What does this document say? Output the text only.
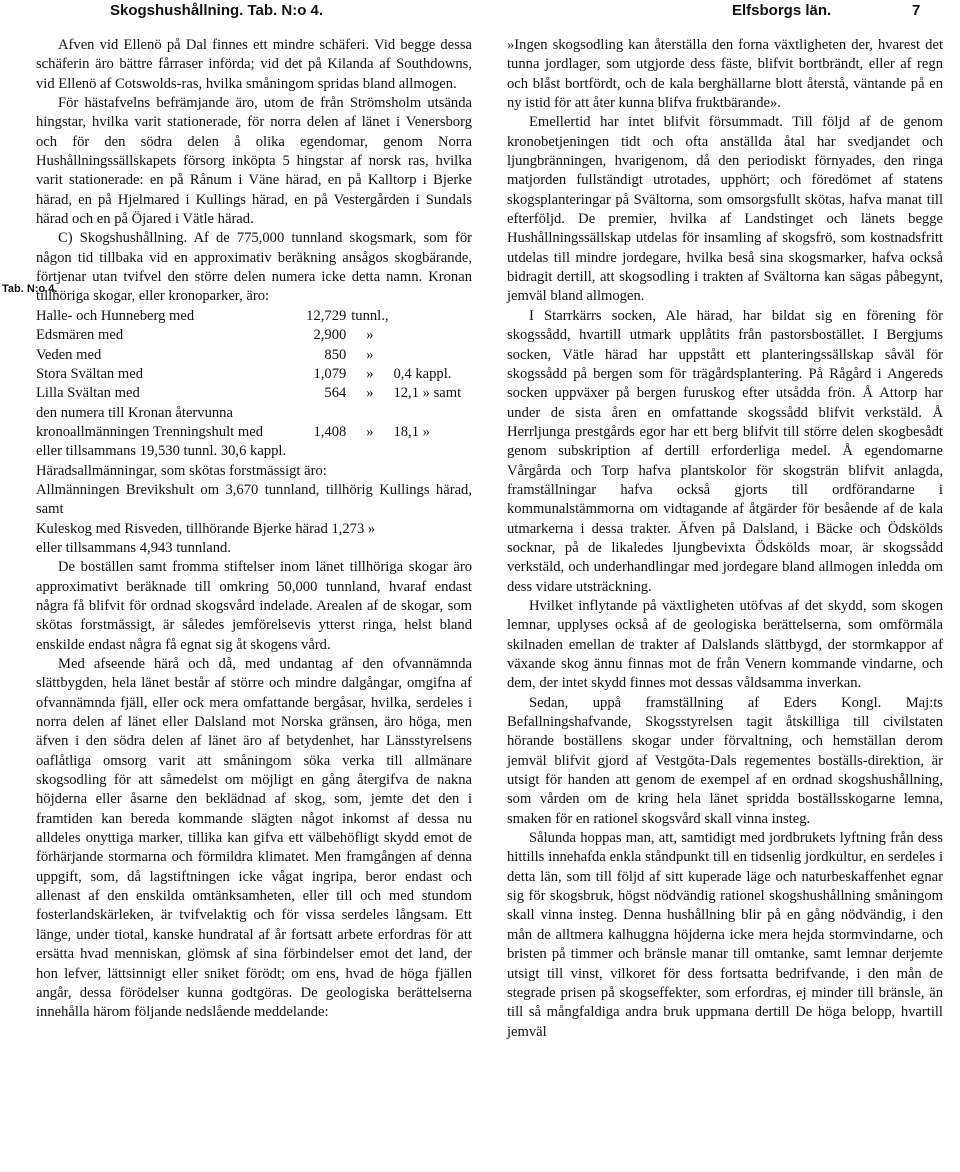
Skogshushållning. Tab. N:o 4.	Elfsborgs län.	7
Tab. N:o 4.

Afven vid Ellenö på Dal finnes ett mindre schäferi. Vid begge dessa schäferin äro bättre fårraser införda; vid det på Kilanda af Southdowns, vid Ellenö af Cotswolds-ras, hvilka småningom spridas bland allmogen.

För hästafvelns befrämjande äro, utom de från Strömsholm utsända hingstar, hvilka varit stationerade, för norra delen af länet i Venersborg och för den södra delen å olika egendomar, genom Norra Hushållningssällskapets försorg inköpta 5 hingstar af norsk ras, hvilka varit stationerade: en på Rånum i Väne härad, en på Kalltorp i Bjerke härad, en på Hjelmared i Kullings härad, en på Vestergården i Sundals härad och en på Öjared i Vätle härad.

C) Skogshushållning. Af de 775,000 tunnland skogsmark, som för någon tid tillbaka vid en approximativ beräkning ansågos skogbärande, förtjenar utan tvifvel den större delen numera icke detta namn. Kronan tillhöriga skogar, eller kronoparker, äro:

Halle- och Hunneberg med	12,729 tunnl.,
Edsmären med	2,900	»
Veden med	850	»
Stora Svältan med	1,079	»	0,4 kappl.
Lilla Svältan med	564	»	12,1 » samt
den numera till Kronan återvunna kronoallmänningen Trenningshult med	1,408	»	18,1 »

eller tillsammans 19,530 tunnl. 30,6 kappl.

Häradsallmänningar, som skötas forstmässigt äro:

Allmänningen Brevikshult om 3,670 tunnland, tillhörig Kullings härad, samt

Kuleskog med Risveden, tillhörande Bjerke härad 1,273 »

eller tillsammans 4,943 tunnland.

De boställen samt fromma stiftelser inom länet tillhöriga skogar äro approximativt beräknade till omkring 50,000 tunnland, hvaraf endast några få blifvit för ordnad skogsvård indelade. Arealen af de skogar, som skötas forstmässigt, är således jemförelsevis ytterst ringa, helst bland enskilde endast några få egnat sig åt skogens vård.

Med afseende härå och då, med undantag af den ofvannämnda slättbygden, hela länet består af större och mindre dalgångar, omgifna af ofvannämnda fjäll, eller ock mera omfattande bergåsar, hvilka, serdeles i norra delen af länet eller Dalsland mot Norska gränsen, äro höga, men äfven i den södra delen af länet äro af betydenhet, har Länsstyrelsens oaflåtliga omsorg varit att småningom söka verka till allmänare skogsodling för att såmedelst om möjligt en gång återgifva de nakna höjderna eller åsarne den beklädnad af skog, som, jemte det den i framtiden kan bereda kommande slägten något inkomst af dessa nu alldeles onyttiga marker, tillika kan gifva ett välbehöfligt skydd emot de förhärjande stormarna och förmildra klimatet. Men framgången af denna uppgift, som, då lagstiftningen icke vågat ingripa, beror endast och allenast af den enskilda omtänksamheten, eller till och med stundom fosterlandskärleken, är tvifvelaktig och för vissa serdeles långsam. Ett länge, under tiotal, kanske hundratal af år fortsatt arbete erfordras för att ersätta hvad menniskan, glömsk af sina förbindelser emot det land, der hon lefver, lättsinnigt eller sniket förödt; om ens, hvad de höga fjällen angår, dessa förödelser kunna godtgöras. De geologiska berättelserna innehålla härom följande nedslående meddelande:

»Ingen skogsodling kan återställa den forna växtligheten der, hvarest det tunna jordlager, som utgjorde dess fäste, blifvit bortbrändt, eller af regn och blåst bortfördt, och de kala berghällarne blott återstå, väntande på en ny istid för att åter kunna blifva fruktbärande».

Emellertid har intet blifvit försummadt. Till följd af de genom kronobetjeningen tidt och ofta anställda åtal har svedjandet och ljungbränningen, hvarigenom, då den periodiskt förnyades, den ringa matjorden fullständigt utrotades, upphört; och föredömet af statens skogsplanteringar på Svältorna, som omsorgsfullt skötas, hafva manat till efterföljd. De premier, hvilka af Landstinget och länets begge Hushållningssällskap utdelas för insamling af skogsfrö, som kostnadsfritt utdelas till mindre jordegare, hvilka beså sina skogsmarker, hafva också bidragit dertill, att skogsodling i trakten af Svältorna kan sägas påbegynt, jemväl bland allmogen.

I Starrkärrs socken, Ale härad, har bildat sig en förening för skogssådd, hvartill utmark upplåtits från pastorsbostället. I Bergjums socken, Vätle härad har uppstått ett planteringssällskap såväl för skogssådd på bergen som för trägårdsplantering. På Rågård i Angereds socken uppväxer på bergen furuskog efter utsådda frön. Å Attorp har under de sista åren en omfattande skogssådd blifvit verkstäld. Å Herrljunga prestgårds egor har ett berg blifvit till större delen skogbesådt genom subskription af dertill erforderliga medel. Å egendomarne Vårgårda och Torp hafva plantskolor för skogsträn blifvit anlagda, framställningar hafva också gjorts till ordförandarne i kommunalstämmorna om vidtagande af åtgärder för besående af de kala utmarkerna i dessa trakter. Äfven på Dalsland, i Bäcke och Ödskölds socknar, på de likaledes ljungbevixta Ödskölds moar, är skogssådd verkstäld, och underhandlingar med jordegare bland allmogen inledda om dess vidare utsträckning.

Hvilket inflytande på växtligheten utöfvas af det skydd, som skogen lemnar, upplyses också af de geologiska berättelserna, som omförmäla skilnaden emellan de trakter af Dalslands slättbygd, der stormkappor af växande skog ännu finnas mot de från Venern kommande vindarne, och dem, der intet skydd finnes mot dessas våldsamma inverkan.

Sedan, uppå framställning af Eders Kongl. Maj:ts Befallningshafvande, Skogsstyrelsen tagit åtskilliga till civilstaten hörande boställens skogar under förvaltning, och hemställan derom jemväl blifvit gjord af Vestgöta-Dals regementes boställs-direktion, är utsigt för handen att genom de exempel af en ordnad skogshushållning, som vården om de kring hela länet spridda boställsskogarne lemna, smaken för en rationel skogsvård skall vinna insteg.

Sålunda hoppas man, att, samtidigt med jordbrukets lyftning från dess hittills innehafda enkla ståndpunkt till en tidsenlig jordkultur, en serdeles i detta län, som till följd af sitt kuperade läge och naturbeskaffenhet egnar sig för skogsbruk, högst nödvändig rationel skogshushållning småningom skall vinna insteg. Denna hushållning blir på en gång nödvändig, i den mån de alltmera kalhuggna höjderna icke mera hejda stormvindarne, och bristen på timmer och bränsle manar till omtanke, samt lemnar derjemte utsigt till vinst, vilkoret för dess fortsatta bedrifvande, i den mån de stegrade prisen på skogseffekter, som erfordras, ej minder till bränsle, än till så mångfaldiga andra bruk uppmana dertill De höga belopp, hvartill jemväl
